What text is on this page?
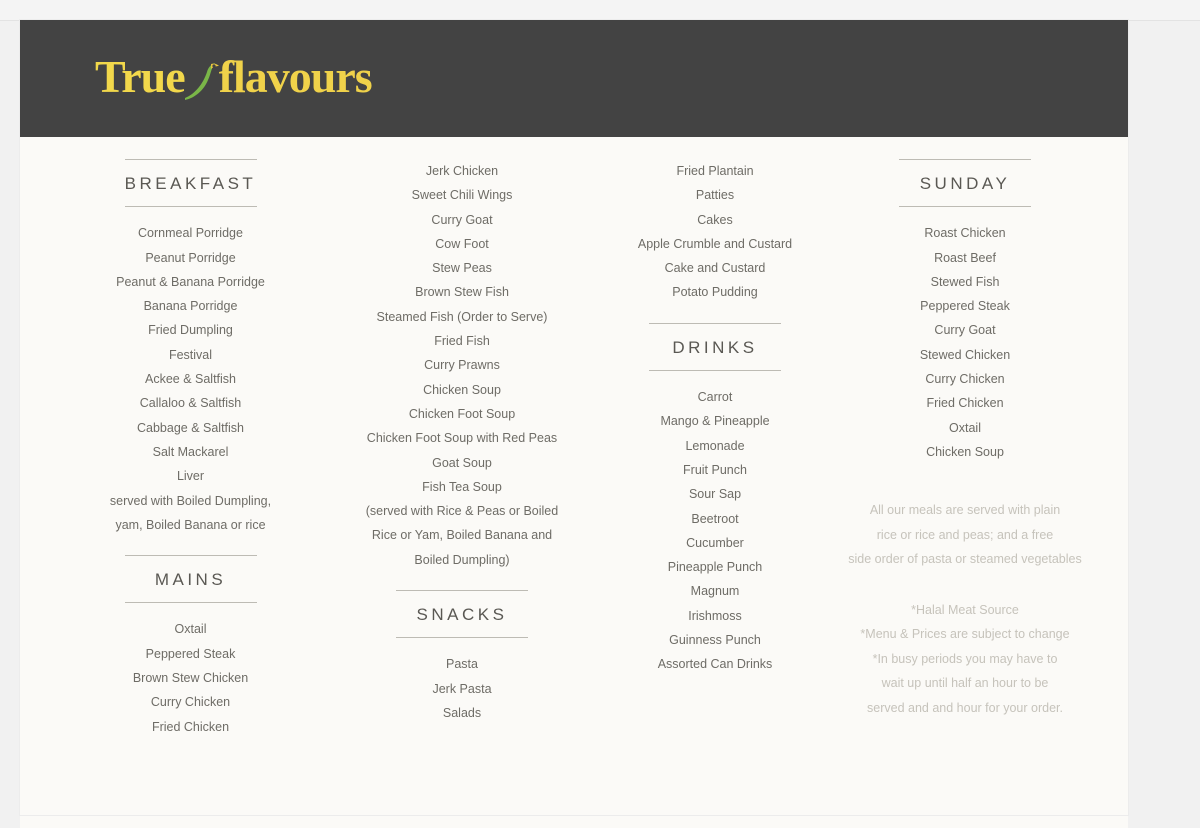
True flavours
BREAKFAST
Cornmeal Porridge
Peanut Porridge
Peanut & Banana Porridge
Banana Porridge
Fried Dumpling
Festival
Ackee & Saltfish
Callaloo & Saltfish
Cabbage & Saltfish
Salt Mackarel
Liver
served with Boiled Dumpling,
yam, Boiled Banana or rice
MAINS
Oxtail
Peppered Steak
Brown Stew Chicken
Curry Chicken
Fried Chicken
Jerk Chicken
Sweet Chili Wings
Curry Goat
Cow Foot
Stew Peas
Brown Stew Fish
Steamed Fish (Order to Serve)
Fried Fish
Curry Prawns
Chicken Soup
Chicken Foot Soup
Chicken Foot Soup with Red Peas
Goat Soup
Fish Tea Soup
(served with Rice & Peas or Boiled
Rice or Yam, Boiled Banana and
Boiled Dumpling)
SNACKS
Pasta
Jerk Pasta
Salads
Fried Plantain
Patties
Cakes
Apple Crumble and Custard
Cake and Custard
Potato Pudding
DRINKS
Carrot
Mango & Pineapple
Lemonade
Fruit Punch
Sour Sap
Beetroot
Cucumber
Pineapple Punch
Magnum
Irishmoss
Guinness Punch
Assorted Can Drinks
SUNDAY
Roast Chicken
Roast Beef
Stewed Fish
Peppered Steak
Curry Goat
Stewed Chicken
Curry Chicken
Fried Chicken
Oxtail
Chicken Soup
All our meals are served with plain
rice or rice and peas; and a free
side order of pasta or steamed vegetables
*Halal Meat Source
*Menu & Prices are subject to change
*In busy periods you may have to
wait up until half an hour to be
served and and hour for your order.
